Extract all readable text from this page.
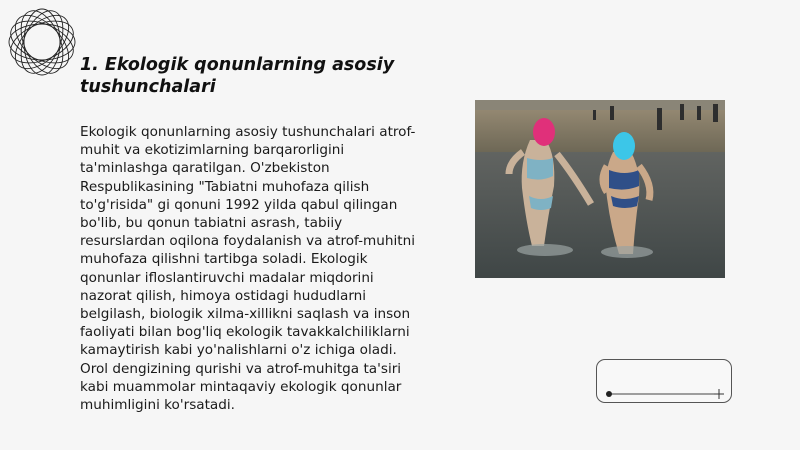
1. Ekologik qonunlarning asosiy tushunchalari

Ekologik qonunlarning asosiy tushunchalari atrof-muhit va ekotizimlarning barqarorligini ta'minlashga qaratilgan. O'zbekiston Respublikasining "Tabiatni muhofaza qilish to'g'risida" gi qonuni 1992 yilda qabul qilingan bo'lib, bu qonun tabiatni asrash, tabiiy resurslardan oqilona foydalanish va atrof-muhitni muhofaza qilishni tartibga soladi. Ekologik qonunlar ifloslantiruvchi madalar miqdorini nazorat qilish, himoya ostidagi hududlarni belgilash, biologik xilma-xillikni saqlash va inson faoliyati bilan bog'liq ekologik tavakkalchiliklarni kamaytirish kabi yo'nalishlarni o'z ichiga oladi. Orol dengizining qurishi va atrof-muhitga ta'siri kabi muammolar mintaqaviy ekologik qonunlar muhimligini ko'rsatadi.
